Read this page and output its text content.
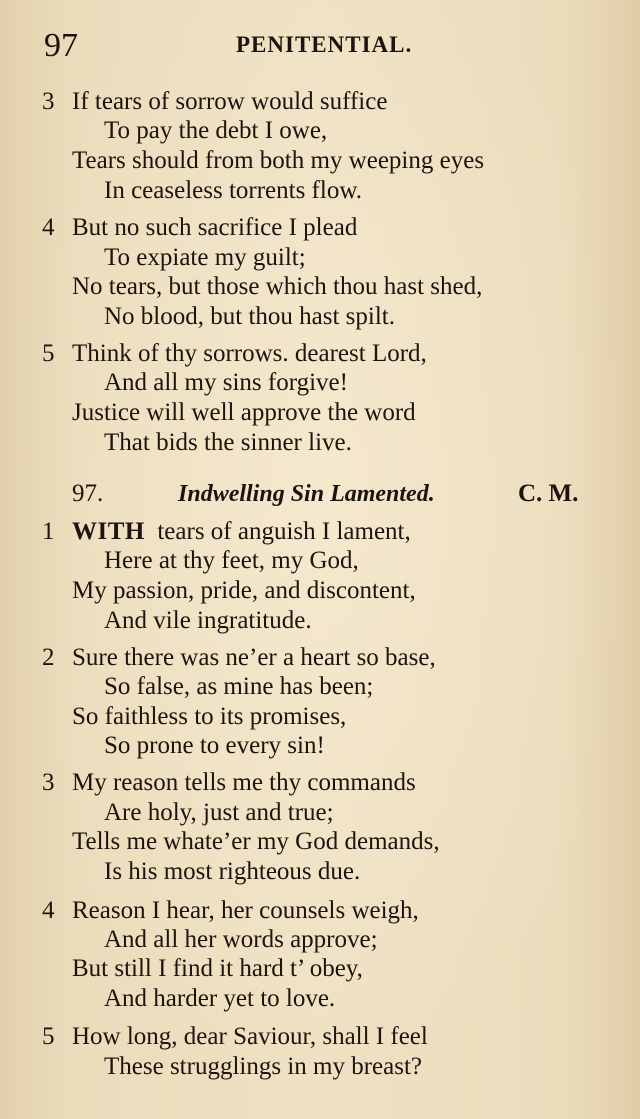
97	PENITENTIAL.
3 If tears of sorrow would suffice
To pay the debt I owe,
Tears should from both my weeping eyes
In ceaseless torrents flow.
4 But no such sacrifice I plead
To expiate my guilt;
No tears, but those which thou hast shed,
No blood, but thou hast spilt.
5 Think of thy sorrows. dearest Lord,
And all my sins forgive!
Justice will well approve the word
That bids the sinner live.
97.	Indwelling Sin Lamented.	C. M.
1 WITH tears of anguish I lament,
Here at thy feet, my God,
My passion, pride, and discontent,
And vile ingratitude.
2 Sure there was ne’er a heart so base,
So false, as mine has been;
So faithless to its promises,
So prone to every sin!
3 My reason tells me thy commands
Are holy, just and true;
Tells me whate’er my God demands,
Is his most righteous due.
4 Reason I hear, her counsels weigh,
And all her words approve;
But still I find it hard t’ obey,
And harder yet to love.
5 How long, dear Saviour, shall I feel
These strugglings in my breast?
